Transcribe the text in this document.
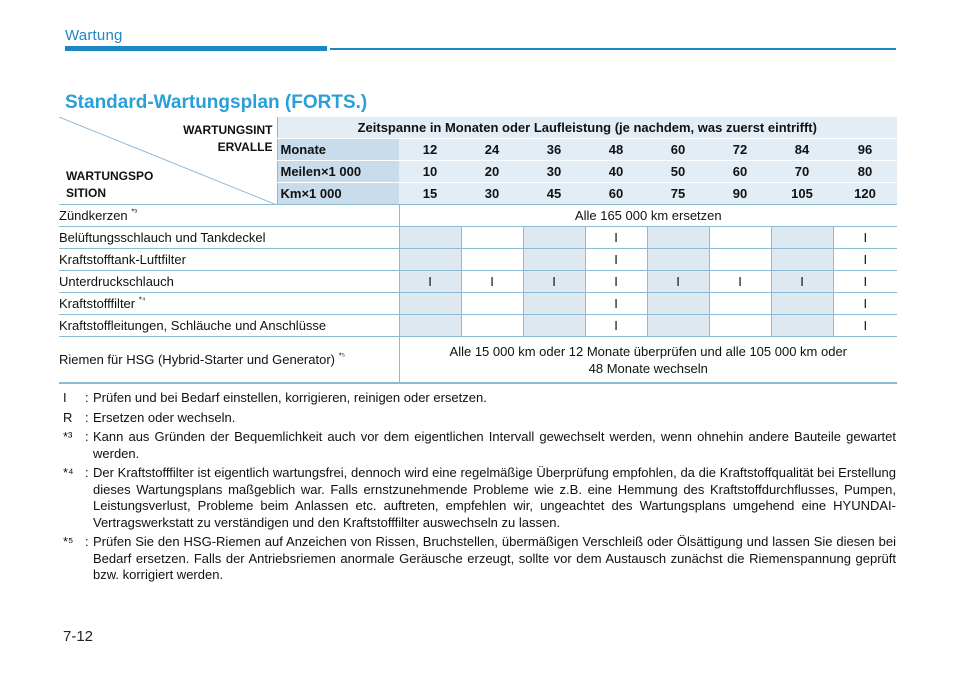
Wartung
Standard-Wartungsplan (FORTS.)
WARTUNGSINT
ERVALLE
WARTUNGSPO
SITION	Zeitspanne in Monaten oder Laufleistung (je nachdem, was zuerst eintrifft)								
	Monate	12	24	36	48	60	72	84	96
	Meilen×1 000	10	20	30	40	50	60	70	80
	Km×1 000	15	30	45	60	75	90	105	120
Zündkerzen $^{*^3}$		Alle 165 000 km ersetzen							
Belüftungsschlauch und Tankdeckel					I				I
Kraftstofftank-Luftfilter					I				I
Unterdruckschlauch		I	I	I	I	I	I	I	I
Kraftstofffilter $^{*^4}$					I				I
Kraftstoffleitungen, Schläuche und Anschlüsse					I				I
Riemen für HSG (Hybrid-Starter und Generator) $^{*^5}$		Alle 15 000 km oder 12 Monate überprüfen und alle 105 000 km oder
48 Monate wechseln							
I	: Prüfen und bei Bedarf einstellen, korrigieren, reinigen oder ersetzen.
R : Ersetzen oder wechseln.
*³ : Kann aus Gründen der Bequemlichkeit auch vor dem eigentlichen Intervall gewechselt werden, wenn ohnehin andere Bauteile gewartet werden.
*⁴ : Der Kraftstofffilter ist eigentlich wartungsfrei, dennoch wird eine regelmäßige Überprüfung empfohlen, da die Kraftstoffqualität bei Erstellung dieses Wartungsplans maßgeblich war. Falls ernstzunehmende Probleme wie z.B. eine Hemmung des Kraftstoffdurchflusses, Pumpen, Leistungsverlust, Probleme beim Anlassen etc. auftreten, empfehlen wir, ungeachtet des Wartungsplans umgehend eine HYUNDAI-Vertragswerkstatt zu verständigen und den Kraftstofffilter auswechseln zu lassen.
*⁵ : Prüfen Sie den HSG-Riemen auf Anzeichen von Rissen, Bruchstellen, übermäßigen Verschleiß oder Ölsättigung und lassen Sie diesen bei Bedarf ersetzen. Falls der Antriebsriemen anormale Geräusche erzeugt, sollte vor dem Austausch zunächst die Riemenspannung geprüft bzw. korrigiert werden.
7-12
